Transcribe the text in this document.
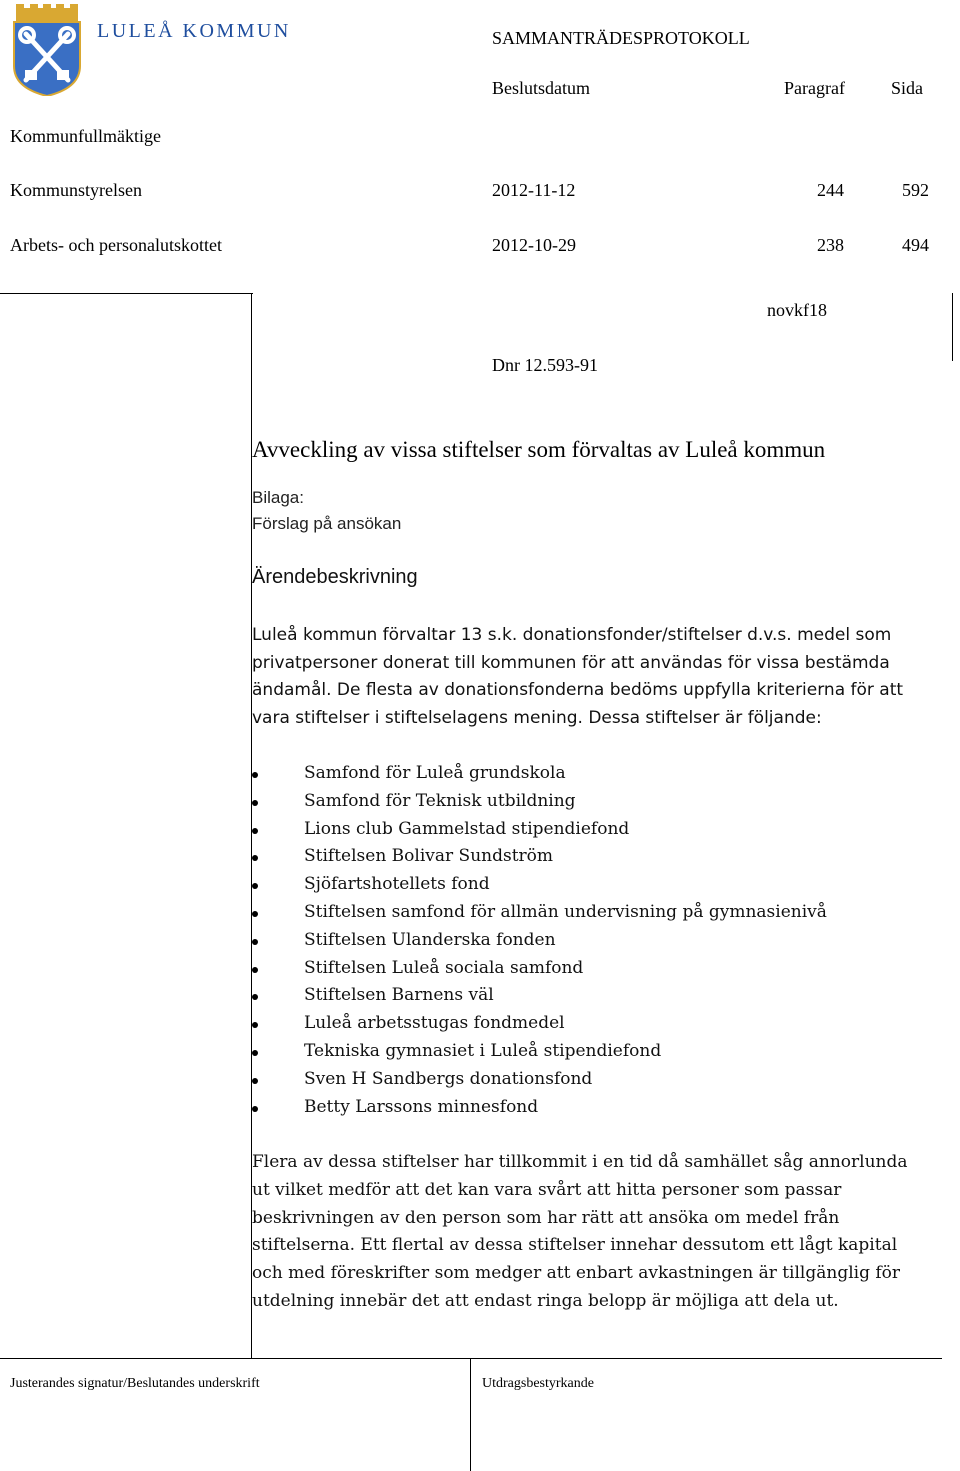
LULEÅ KOMMUN	SAMMANTRÄDESPROTOKOLL
Beslutsdatum	Paragraf	Sida
Kommunfullmäktige
Kommunstyrelsen	2012-11-12	244	592
Arbets- och personalutskottet	2012-10-29	238	494
novkf18
Dnr 12.593-91
Avveckling av vissa stiftelser som förvaltas av Luleå kommun
Bilaga:
Förslag på ansökan
Ärendebeskrivning
Luleå kommun förvaltar 13 s.k. donationsfonder/stiftelser d.v.s. medel som
privatpersoner donerat till kommunen för att användas för vissa bestämda
ändamål. De flesta av donationsfonderna bedöms uppfylla kriterierna för att
vara stiftelser i stiftelselagens mening. Dessa stiftelser är följande:
Samfond för Luleå grundskola
Samfond för Teknisk utbildning
Lions club Gammelstad stipendiefond
Stiftelsen Bolivar Sundström
Sjöfartshotellets fond
Stiftelsen samfond för allmän undervisning på gymnasienivå
Stiftelsen Ulanderska fonden
Stiftelsen Luleå sociala samfond
Stiftelsen Barnens väl
Luleå arbetsstugas fondmedel
Tekniska gymnasiet i Luleå stipendiefond
Sven H Sandbergs donationsfond
Betty Larssons minnesfond
Flera av dessa stiftelser har tillkommit i en tid då samhället såg annorlunda
ut vilket medför att det kan vara svårt att hitta personer som passar
beskrivningen av den person som har rätt att ansöka om medel från
stiftelserna. Ett flertal av dessa stiftelser innehar dessutom ett lågt kapital
och med föreskrifter som medger att enbart avkastningen är tillgänglig för
utdelning innebär det att endast ringa belopp är möjliga att dela ut.
Justerandes signatur/Beslutandes underskrift	Utdragsbestyrkande
